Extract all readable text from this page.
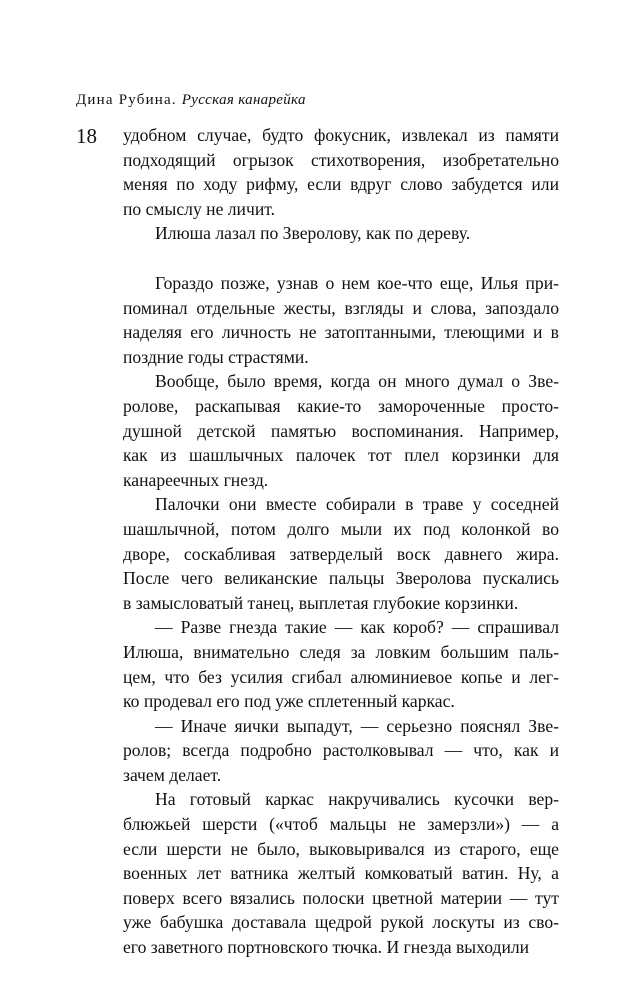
Дина Рубина. Русская канарейка
18 удобном случае, будто фокусник, извлекал из памяти
подходящий огрызок стихотворения, изобретательно
меняя по ходу рифму, если вдруг слово забудется или
по смыслу не личит.
Илюша лазал по Зверолову, как по дереву.
Гораздо позже, узнав о нем кое-что еще, Илья при-
поминал отдельные жесты, взгляды и слова, запоздало
наделяя его личность не затоптанными, тлеющими и в
поздние годы страстями.
Вообще, было время, когда он много думал о Зве-
ролове, раскапывая какие-то замороченные просто-
душной детской памятью воспоминания. Например,
как из шашлычных палочек тот плел корзинки для
канареечных гнезд.
Палочки они вместе собирали в траве у соседней
шашлычной, потом долго мыли их под колонкой во
дворе, соскабливая затверделый воск давнего жира.
После чего великанские пальцы Зверолова пускались
в замысловатый танец, выплетая глубокие корзинки.
— Разве гнезда такие — как короб? — спрашивал
Илюша, внимательно следя за ловким большим паль-
цем, что без усилия сгибал алюминиевое копье и лег-
ко продевал его под уже сплетенный каркас.
— Иначе яички выпадут, — серьезно пояснял Зве-
ролов; всегда подробно растолковывал — что, как и
зачем делает.
На готовый каркас накручивались кусочки вер-
блюжьей шерсти («чтоб мальцы не замерзли») — а
если шерсти не было, выковыривался из старого, еще
военных лет ватника желтый комковатый ватин. Ну, а
поверх всего вязались полоски цветной материи — тут
уже бабушка доставала щедрой рукой лоскуты из сво-
его заветного портновского тючка. И гнезда выходили
